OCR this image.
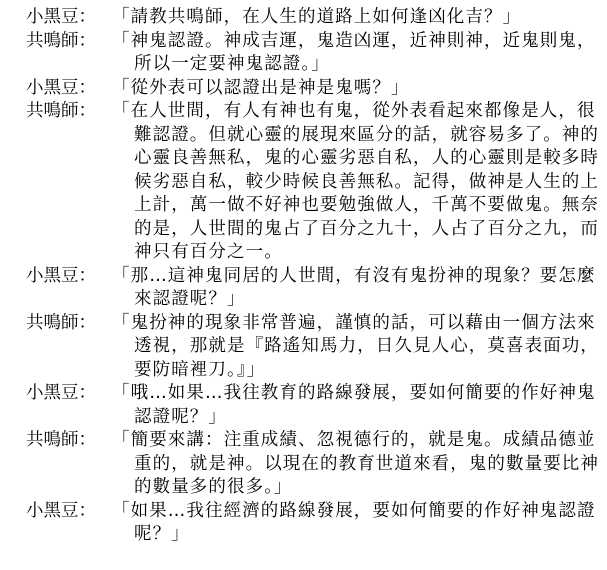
小黑豆： 「請教共鳴師，在人生的道路上如何逢凶化吉？」
共鳴師： 「神鬼認證。神成吉運，鬼造凶運，近神則神，近鬼則鬼，
所以一定要神鬼認證。」
小黑豆： 「從外表可以認證出是神是鬼嗎？」
共鳴師： 「在人世間，有人有神也有鬼，從外表看起來都像是人，很
難認證。但就心靈的展現來區分的話，就容易多了。神的
心靈良善無私，鬼的心靈劣惡自私，人的心靈則是較多時
候劣惡自私，較少時候良善無私。記得，做神是人生的上
上計，萬一做不好神也要勉強做人，千萬不要做鬼。無奈
的是，人世間的鬼占了百分之九十，人占了百分之九，而
神只有百分之一。
小黑豆： 「那…這神鬼同居的人世間，有沒有鬼扮神的現象？要怎麼
來認證呢？」
共鳴師： 「鬼扮神的現象非常普遍，謹慎的話，可以藉由一個方法來
透視，那就是『路遙知馬力，日久見人心，莫喜表面功，
要防暗裡刀。』」
小黑豆： 「哦…如果…我往教育的路線發展，要如何簡要的作好神鬼
認證呢？」
共鳴師： 「簡要來講：注重成績、忽視德行的，就是鬼。成績品德並
重的，就是神。以現在的教育世道來看，鬼的數量要比神
的數量多的很多。」
小黑豆： 「如果…我往經濟的路線發展，要如何簡要的作好神鬼認證
呢？」
